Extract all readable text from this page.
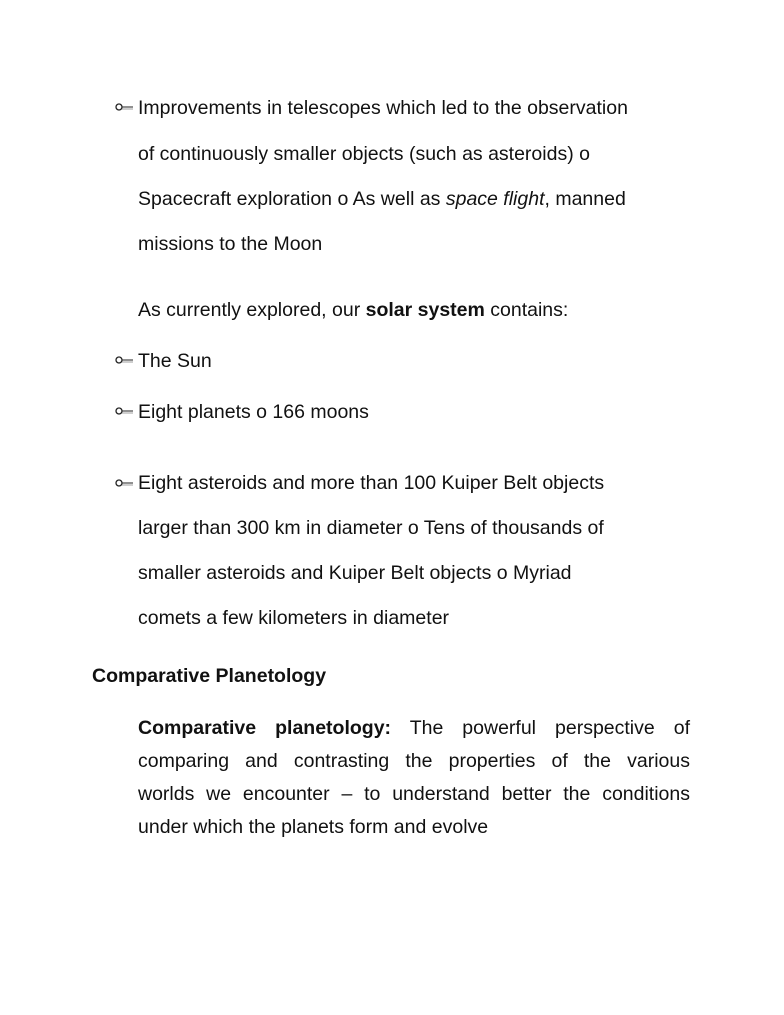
Improvements in telescopes which led to the observation
of continuously smaller objects (such as asteroids) o
Spacecraft exploration o As well as space flight, manned
missions to the Moon
As currently explored, our solar system contains:
The Sun
Eight planets o 166 moons
Eight asteroids and more than 100 Kuiper Belt objects
larger than 300 km in diameter o Tens of thousands of
smaller asteroids and Kuiper Belt objects o Myriad
comets a few kilometers in diameter
Comparative Planetology
Comparative planetology: The powerful perspective of
comparing and contrasting the properties of the various
worlds we encounter – to understand better the conditions
under which the planets form and evolve
